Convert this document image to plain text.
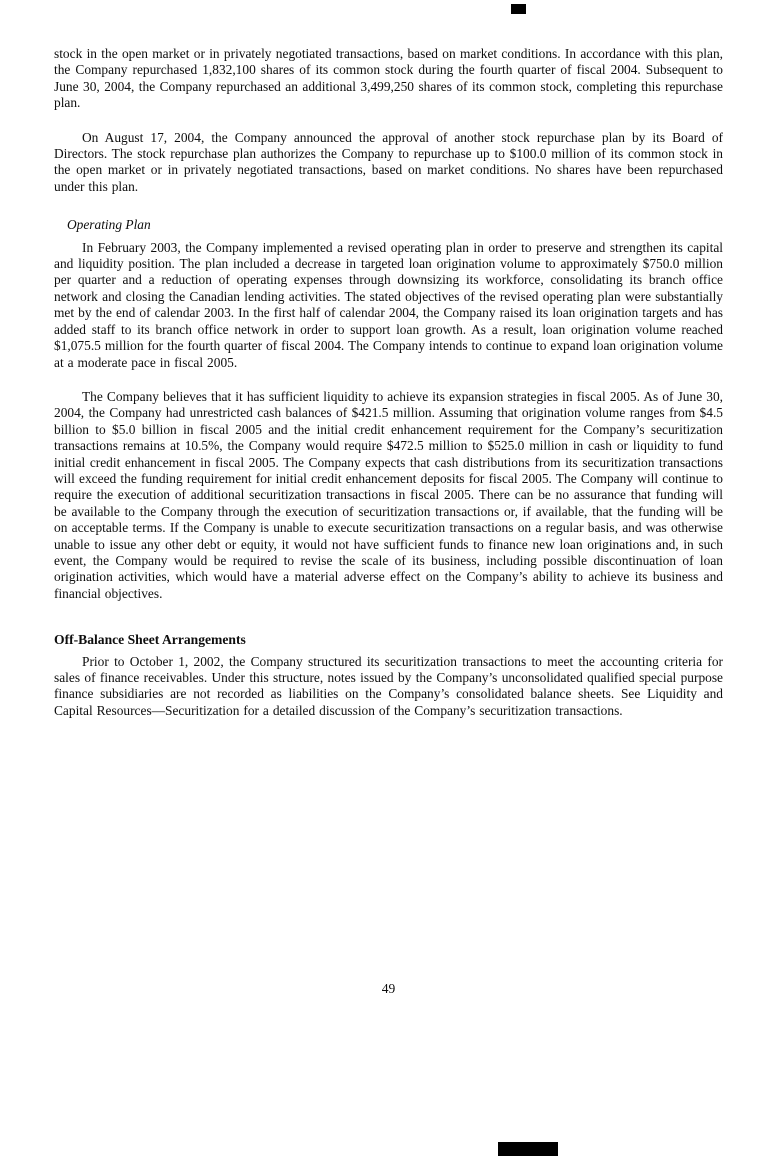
stock in the open market or in privately negotiated transactions, based on market conditions. In accordance with this plan, the Company repurchased 1,832,100 shares of its common stock during the fourth quarter of fiscal 2004. Subsequent to June 30, 2004, the Company repurchased an additional 3,499,250 shares of its common stock, completing this repurchase plan.

On August 17, 2004, the Company announced the approval of another stock repurchase plan by its Board of Directors. The stock repurchase plan authorizes the Company to repurchase up to $100.0 million of its common stock in the open market or in privately negotiated transactions, based on market conditions. No shares have been repurchased under this plan.

Operating Plan

In February 2003, the Company implemented a revised operating plan in order to preserve and strengthen its capital and liquidity position. The plan included a decrease in targeted loan origination volume to approximately $750.0 million per quarter and a reduction of operating expenses through downsizing its workforce, consolidating its branch office network and closing the Canadian lending activities. The stated objectives of the revised operating plan were substantially met by the end of calendar 2003. In the first half of calendar 2004, the Company raised its loan origination targets and has added staff to its branch office network in order to support loan growth. As a result, loan origination volume reached $1,075.5 million for the fourth quarter of fiscal 2004. The Company intends to continue to expand loan origination volume at a moderate pace in fiscal 2005.

The Company believes that it has sufficient liquidity to achieve its expansion strategies in fiscal 2005. As of June 30, 2004, the Company had unrestricted cash balances of $421.5 million. Assuming that origination volume ranges from $4.5 billion to $5.0 billion in fiscal 2005 and the initial credit enhancement requirement for the Company’s securitization transactions remains at 10.5%, the Company would require $472.5 million to $525.0 million in cash or liquidity to fund initial credit enhancement in fiscal 2005. The Company expects that cash distributions from its securitization transactions will exceed the funding requirement for initial credit enhancement deposits for fiscal 2005. The Company will continue to require the execution of additional securitization transactions in fiscal 2005. There can be no assurance that funding will be available to the Company through the execution of securitization transactions or, if available, that the funding will be on acceptable terms. If the Company is unable to execute securitization transactions on a regular basis, and was otherwise unable to issue any other debt or equity, it would not have sufficient funds to finance new loan originations and, in such event, the Company would be required to revise the scale of its business, including possible discontinuation of loan origination activities, which would have a material adverse effect on the Company’s ability to achieve its business and financial objectives.

Off-Balance Sheet Arrangements

Prior to October 1, 2002, the Company structured its securitization transactions to meet the accounting criteria for sales of finance receivables. Under this structure, notes issued by the Company’s unconsolidated qualified special purpose finance subsidiaries are not recorded as liabilities on the Company’s consolidated balance sheets. See Liquidity and Capital Resources—Securitization for a detailed discussion of the Company’s securitization transactions.

49
